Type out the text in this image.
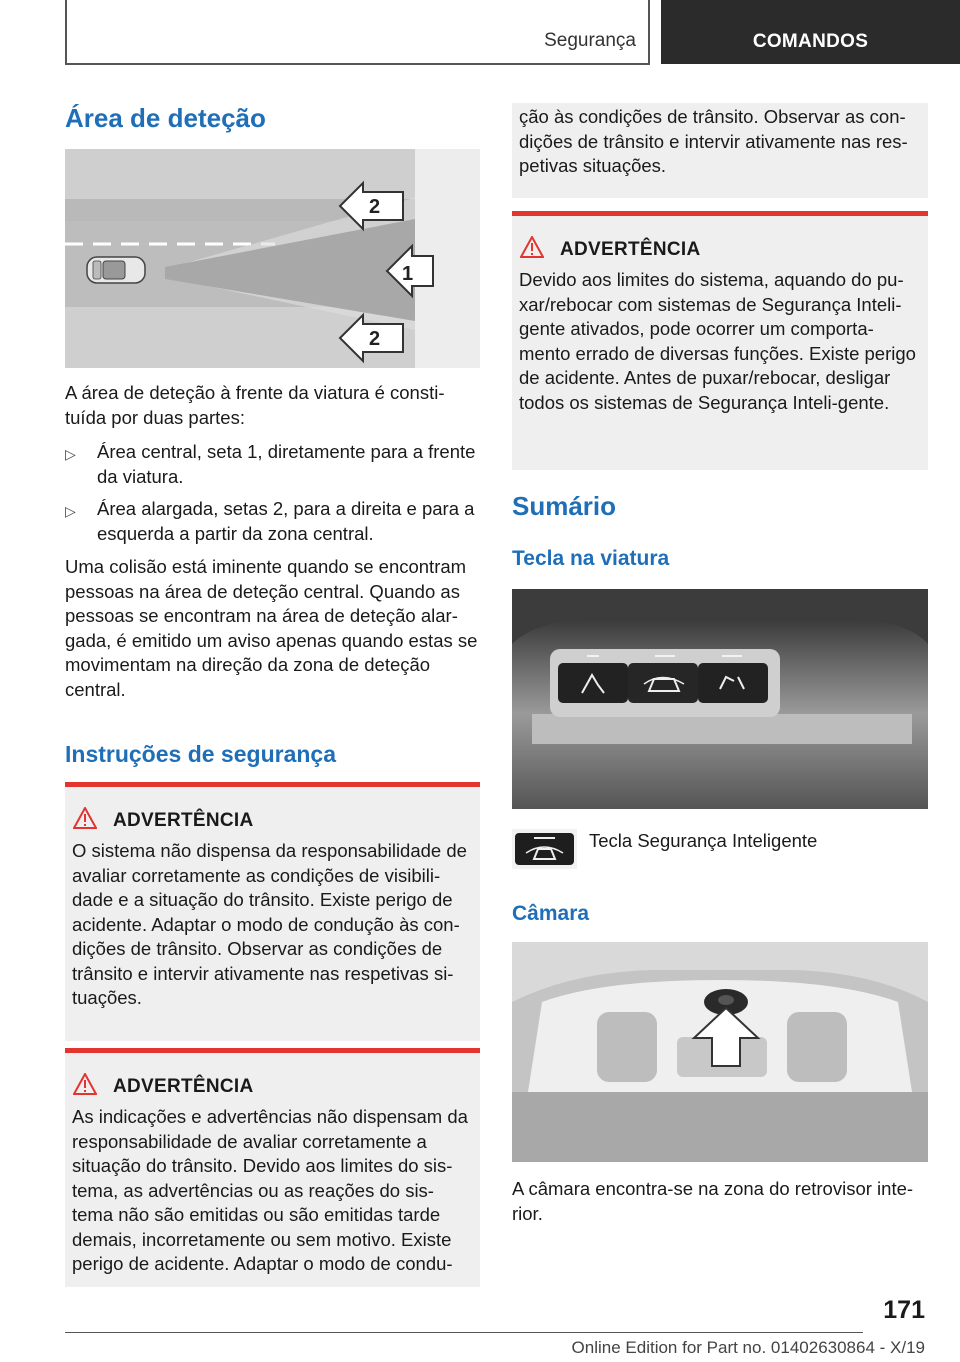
Segurança	COMANDOS
Área de deteção
2
1
2

A área de deteção à frente da viatura é consti-tuída por duas partes:

▷ Área central, seta 1, diretamente para a frente da viatura.
▷ Área alargada, setas 2, para a direita e para a esquerda a partir da zona central.

Uma colisão está iminente quando se encontram pessoas na área de deteção central. Quando as pessoas se encontram na área de deteção alar-gada, é emitido um aviso apenas quando estas se movimentam na direção da zona de deteção central.

Instruções de segurança
ADVERTÊNCIA
O sistema não dispensa da responsabilidade de avaliar corretamente as condições de visibili-dade e a situação do trânsito. Existe perigo de acidente. Adaptar o modo de condução às con-dições de trânsito. Observar as condições de trânsito e intervir ativamente nas respetivas si-tuações.
ADVERTÊNCIA
As indicações e advertências não dispensam da responsabilidade de avaliar corretamente a situação do trânsito. Devido aos limites do sis-tema, as advertências ou as reações do sis-tema não são emitidas ou são emitidas tarde demais, incorretamente ou sem motivo. Existe perigo de acidente. Adaptar o modo de condu-
ção às condições de trânsito. Observar as con-dições de trânsito e intervir ativamente nas res-petivas situações.
ADVERTÊNCIA
Devido aos limites do sistema, aquando do pu-xar/rebocar com sistemas de Segurança Inteli-gente ativados, pode ocorrer um comporta-mento errado de diversas funções. Existe perigo de acidente. Antes de puxar/rebocar, desligar todos os sistemas de Segurança Inteli-gente.
Sumário
Tecla na viatura
Tecla Segurança Inteligente
Câmara

A câmara encontra-se na zona do retrovisor inte-rior.

171
Online Edition for Part no. 01402630864 - X/19
